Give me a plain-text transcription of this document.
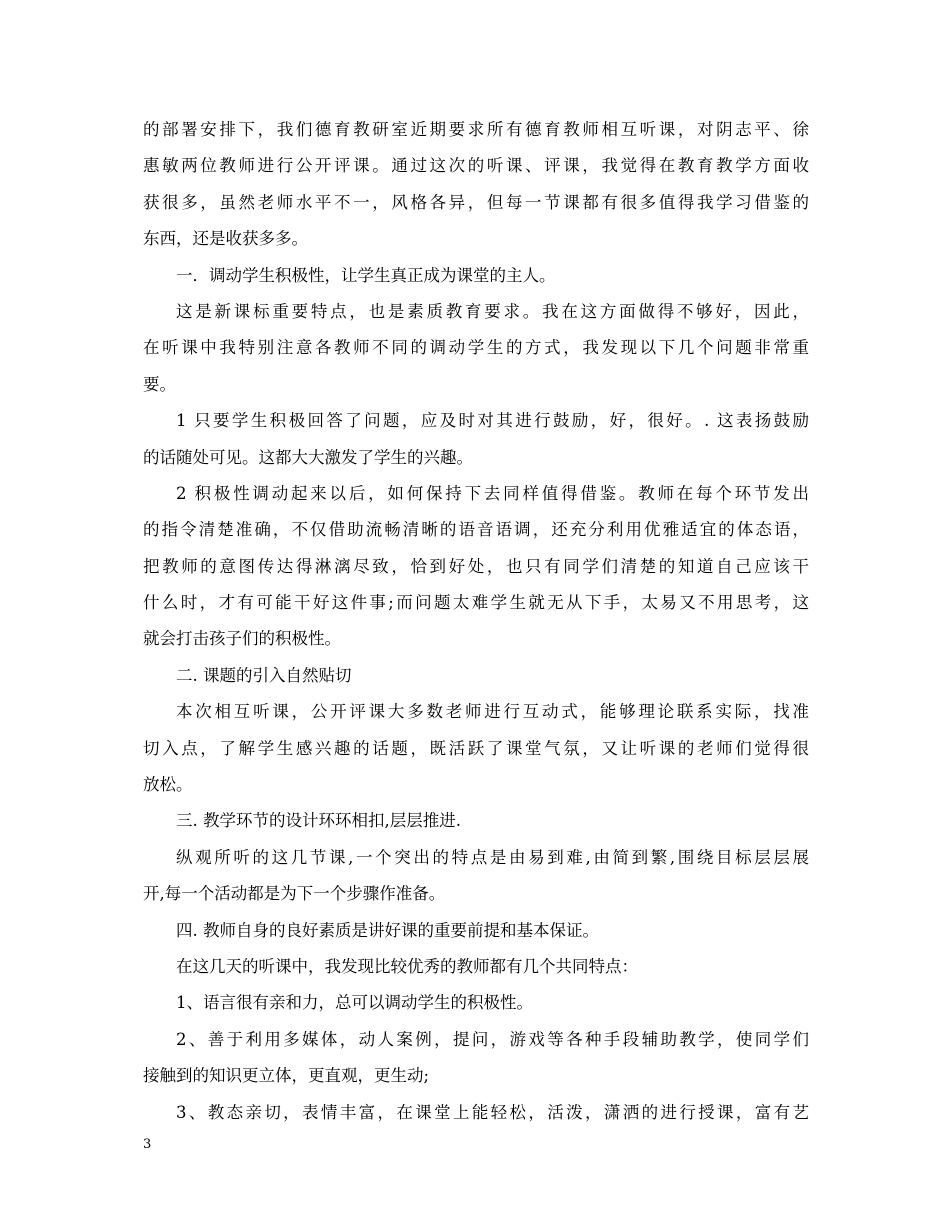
的部署安排下，我们德育教研室近期要求所有德育教师相互听课，对阴志平、徐
惠敏两位教师进行公开评课。通过这次的听课、评课，我觉得在教育教学方面收
获很多，虽然老师水平不一，风格各异，但每一节课都有很多值得我学习借鉴的
东西，还是收获多多。
一．调动学生积极性，让学生真正成为课堂的主人。
这是新课标重要特点，也是素质教育要求。我在这方面做得不够好，因此，
在听课中我特别注意各教师不同的调动学生的方式，我发现以下几个问题非常重
要。
1 只要学生积极回答了问题，应及时对其进行鼓励，好，很好。. 这表扬鼓励
的话随处可见。这都大大激发了学生的兴趣。
2 积极性调动起来以后，如何保持下去同样值得借鉴。教师在每个环节发出
的指令清楚准确，不仅借助流畅清晰的语音语调，还充分利用优雅适宜的体态语，
把教师的意图传达得淋漓尽致，恰到好处，也只有同学们清楚的知道自己应该干
什么时，才有可能干好这件事;而问题太难学生就无从下手，太易又不用思考，这
就会打击孩子们的积极性。
二. 课题的引入自然贴切
本次相互听课，公开评课大多数老师进行互动式，能够理论联系实际，找准
切入点，了解学生感兴趣的话题，既活跃了课堂气氛，又让听课的老师们觉得很
放松。
三. 教学环节的设计环环相扣,层层推进.
纵观所听的这几节课,一个突出的特点是由易到难,由简到繁,围绕目标层层展
开,每一个活动都是为下一个步骤作准备。
四. 教师自身的良好素质是讲好课的重要前提和基本保证。
在这几天的听课中，我发现比较优秀的教师都有几个共同特点：
1、语言很有亲和力，总可以调动学生的积极性。
2、善于利用多媒体，动人案例，提问，游戏等各种手段辅助教学，使同学们
接触到的知识更立体，更直观，更生动;
3、教态亲切，表情丰富，在课堂上能轻松，活泼，潇洒的进行授课，富有艺
3
